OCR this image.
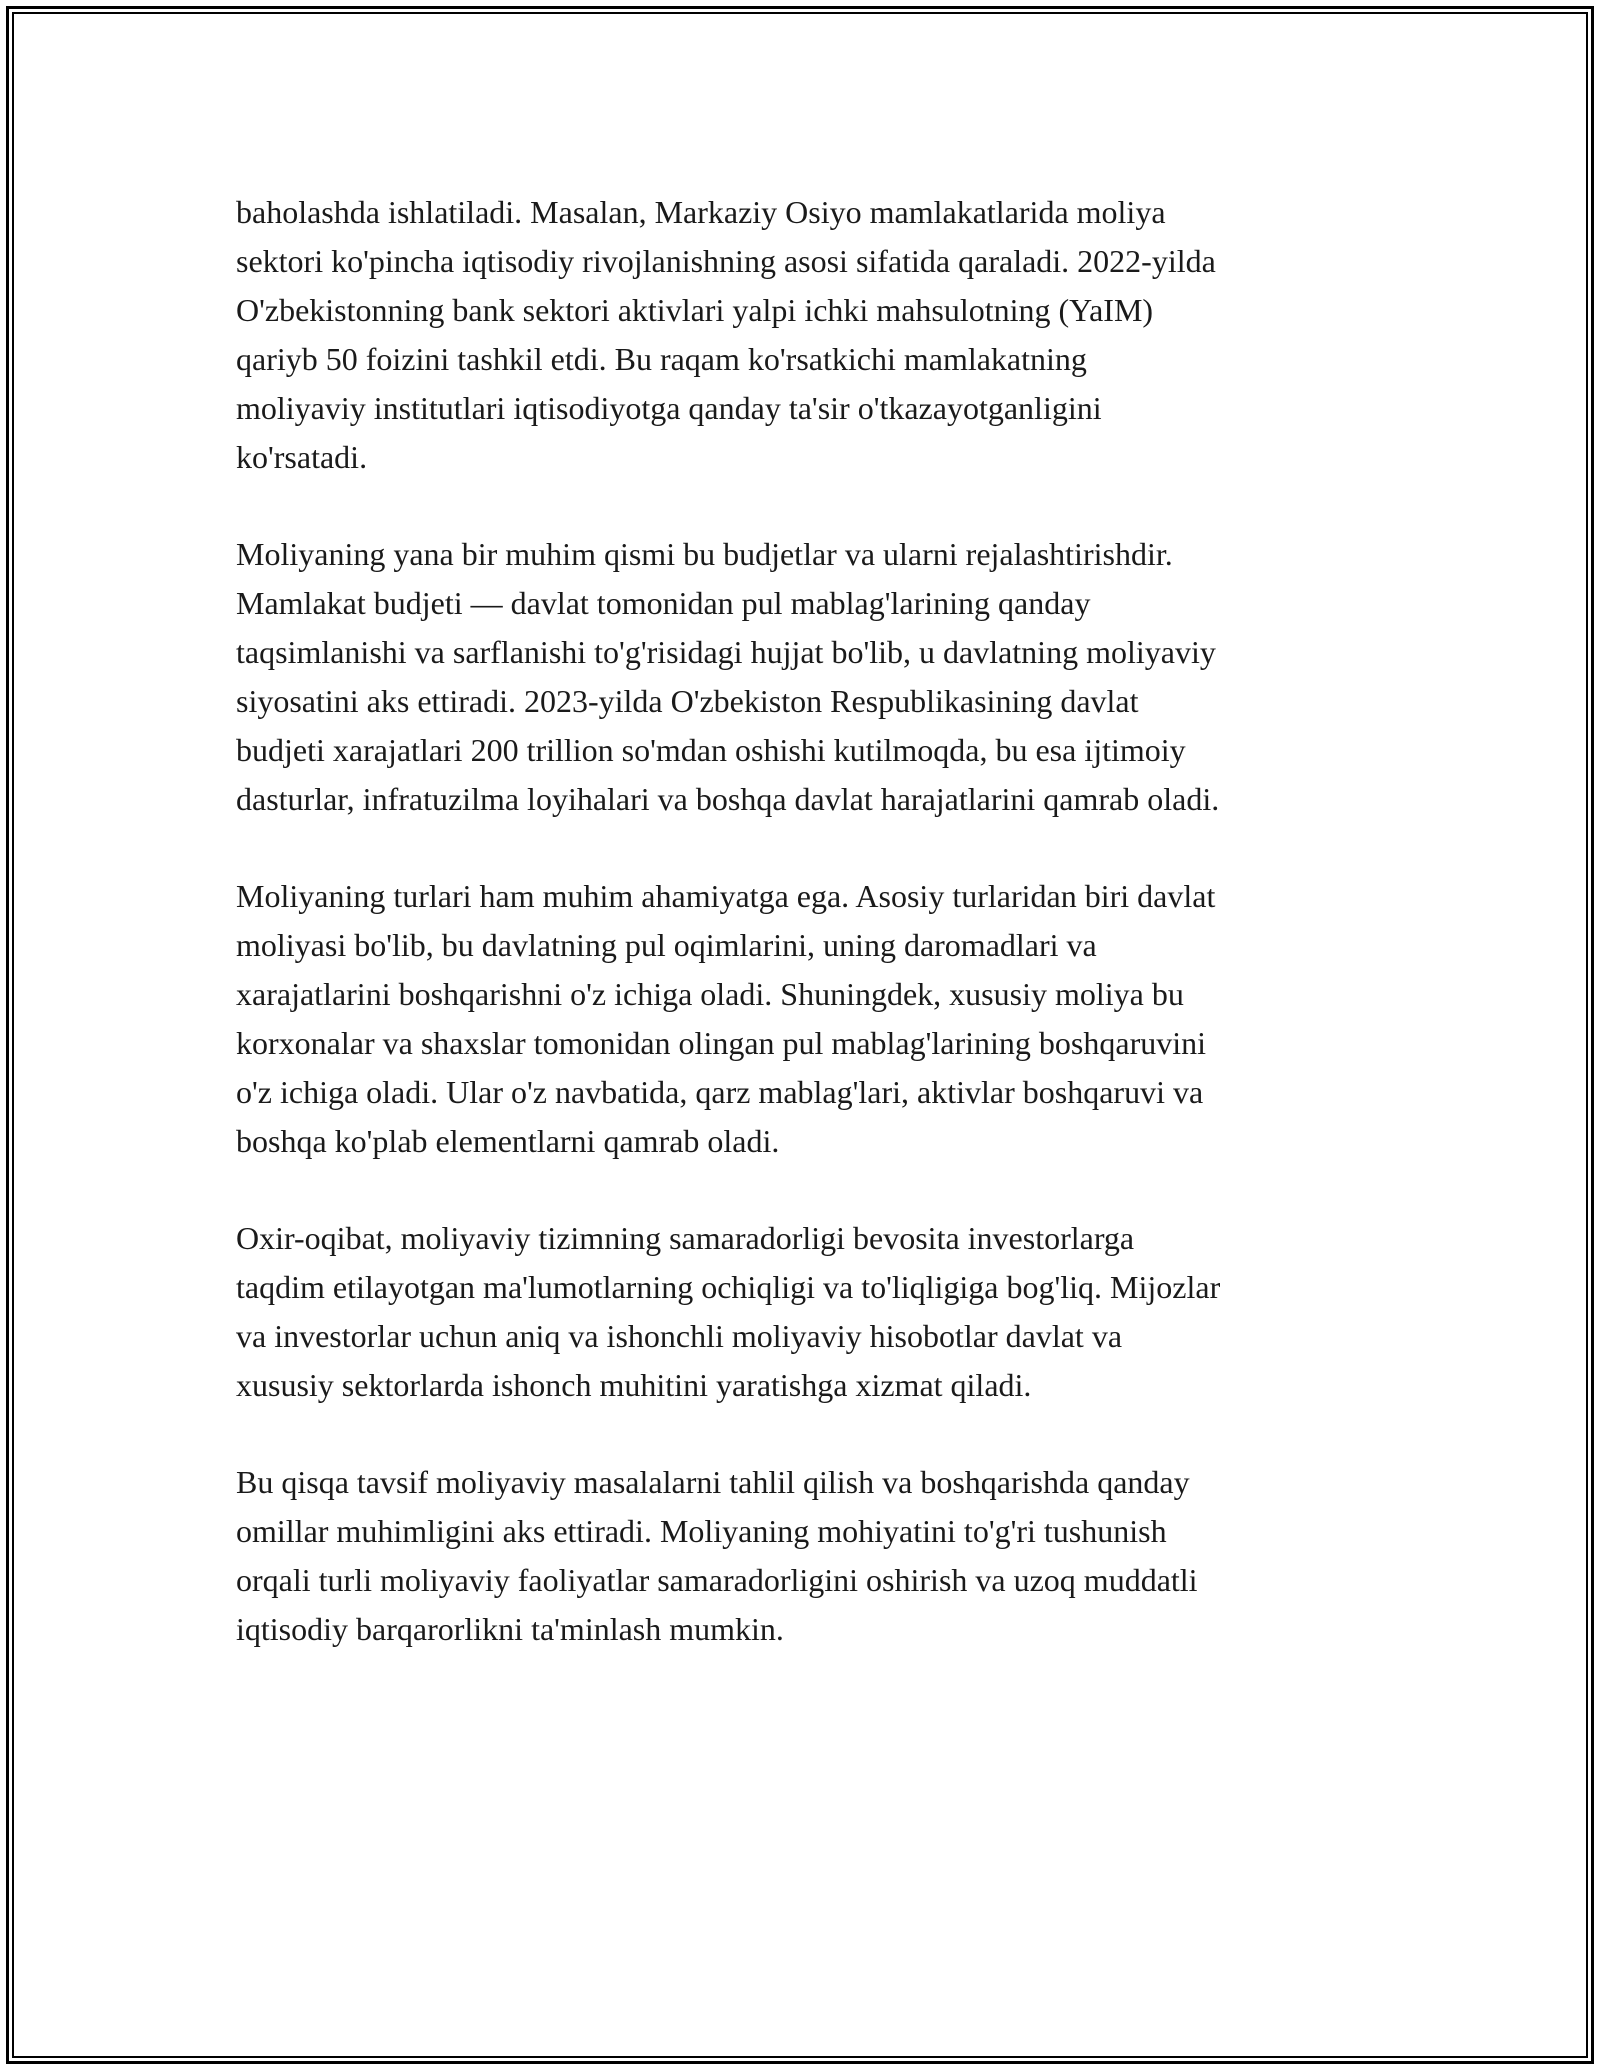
baholashda ishlatiladi. Masalan, Markaziy Osiyo mamlakatlarida moliya
sektori ko'pincha iqtisodiy rivojlanishning asosi sifatida qaraladi. 2022-yilda
O'zbekistonning bank sektori aktivlari yalpi ichki mahsulotning (YaIM)
qariyb 50 foizini tashkil etdi. Bu raqam ko'rsatkichi mamlakatning
moliyaviy institutlari iqtisodiyotga qanday ta'sir o'tkazayotganligini
ko'rsatadi.

Moliyaning yana bir muhim qismi bu budjetlar va ularni rejalashtirishdir.
Mamlakat budjeti — davlat tomonidan pul mablag'larining qanday
taqsimlanishi va sarflanishi to'g'risidagi hujjat bo'lib, u davlatning moliyaviy
siyosatini aks ettiradi. 2023-yilda O'zbekiston Respublikasining davlat
budjeti xarajatlari 200 trillion so'mdan oshishi kutilmoqda, bu esa ijtimoiy
dasturlar, infratuzilma loyihalari va boshqa davlat harajatlarini qamrab oladi.

Moliyaning turlari ham muhim ahamiyatga ega. Asosiy turlaridan biri davlat
moliyasi bo'lib, bu davlatning pul oqimlarini, uning daromadlari va
xarajatlarini boshqarishni o'z ichiga oladi. Shuningdek, xususiy moliya bu
korxonalar va shaxslar tomonidan olingan pul mablag'larining boshqaruvini
o'z ichiga oladi. Ular o'z navbatida, qarz mablag'lari, aktivlar boshqaruvi va
boshqa ko'plab elementlarni qamrab oladi.

Oxir-oqibat, moliyaviy tizimning samaradorligi bevosita investorlarga
taqdim etilayotgan ma'lumotlarning ochiqligi va to'liqligiga bog'liq. Mijozlar
va investorlar uchun aniq va ishonchli moliyaviy hisobotlar davlat va
xususiy sektorlarda ishonch muhitini yaratishga xizmat qiladi.

Bu qisqa tavsif moliyaviy masalalarni tahlil qilish va boshqarishda qanday
omillar muhimligini aks ettiradi. Moliyaning mohiyatini to'g'ri tushunish
orqali turli moliyaviy faoliyatlar samaradorligini oshirish va uzoq muddatli
iqtisodiy barqarorlikni ta'minlash mumkin.
